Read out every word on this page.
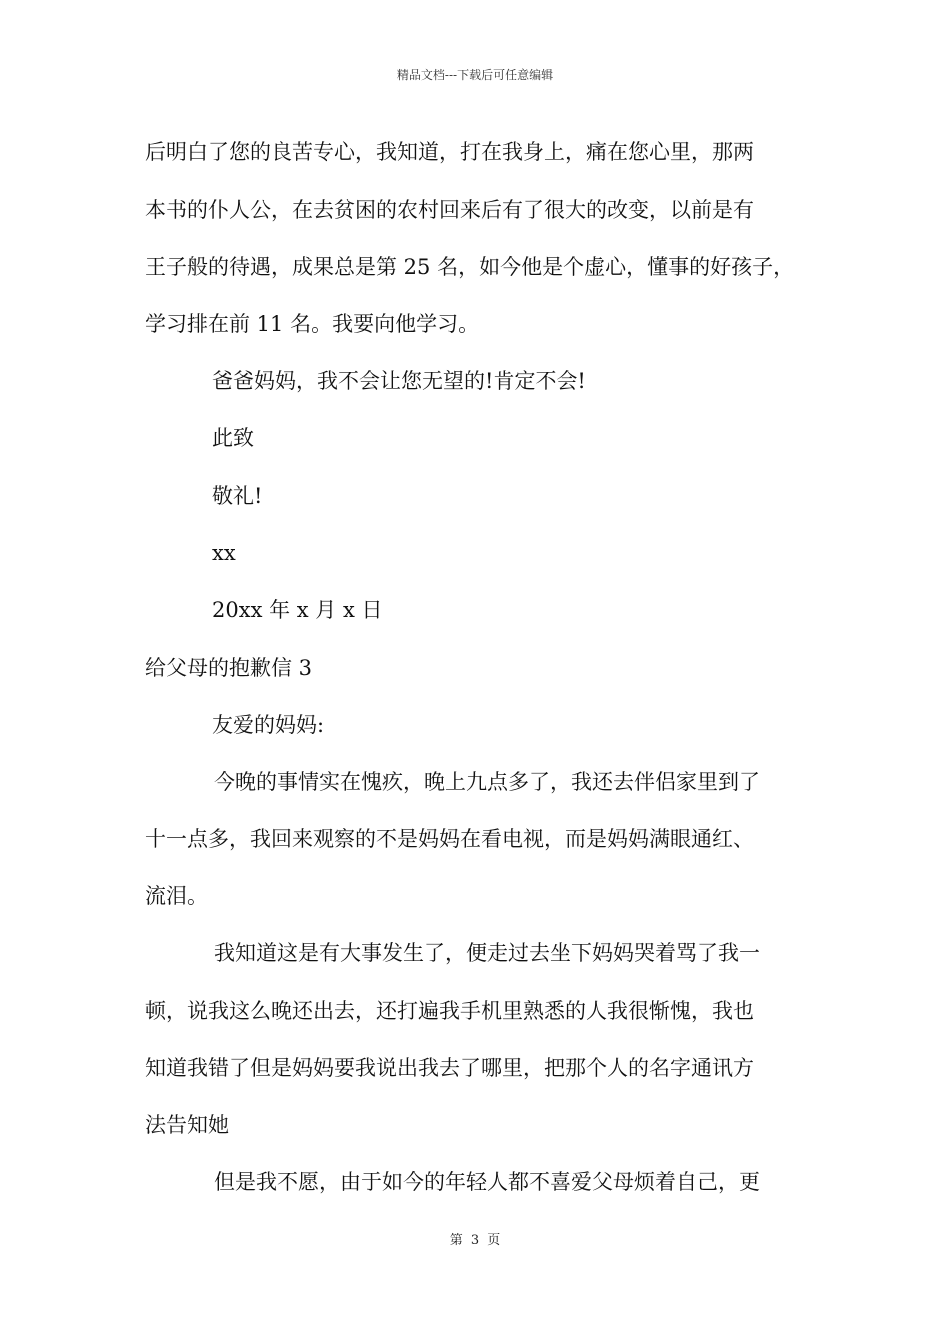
精品文档---下载后可任意编辑
后明白了您的良苦专心，我知道，打在我身上，痛在您心里，那两
本书的仆人公，在去贫困的农村回来后有了很大的改变，以前是有
王子般的待遇，成果总是第 25 名，如今他是个虚心，懂事的好孩子，
学习排在前 11 名。我要向他学习。
爸爸妈妈，我不会让您无望的!肯定不会!
此致
敬礼!
xx
20xx 年 x 月 x 日
给父母的抱歉信 3
友爱的妈妈:
今晚的事情实在愧疚，晚上九点多了，我还去伴侣家里到了
十一点多，我回来观察的不是妈妈在看电视，而是妈妈满眼通红、
流泪。
我知道这是有大事发生了，便走过去坐下妈妈哭着骂了我一
顿，说我这么晚还出去，还打遍我手机里熟悉的人我很惭愧，我也
知道我错了但是妈妈要我说出我去了哪里，把那个人的名字通讯方
法告知她
但是我不愿，由于如今的年轻人都不喜爱父母烦着自己，更
第 3 页
